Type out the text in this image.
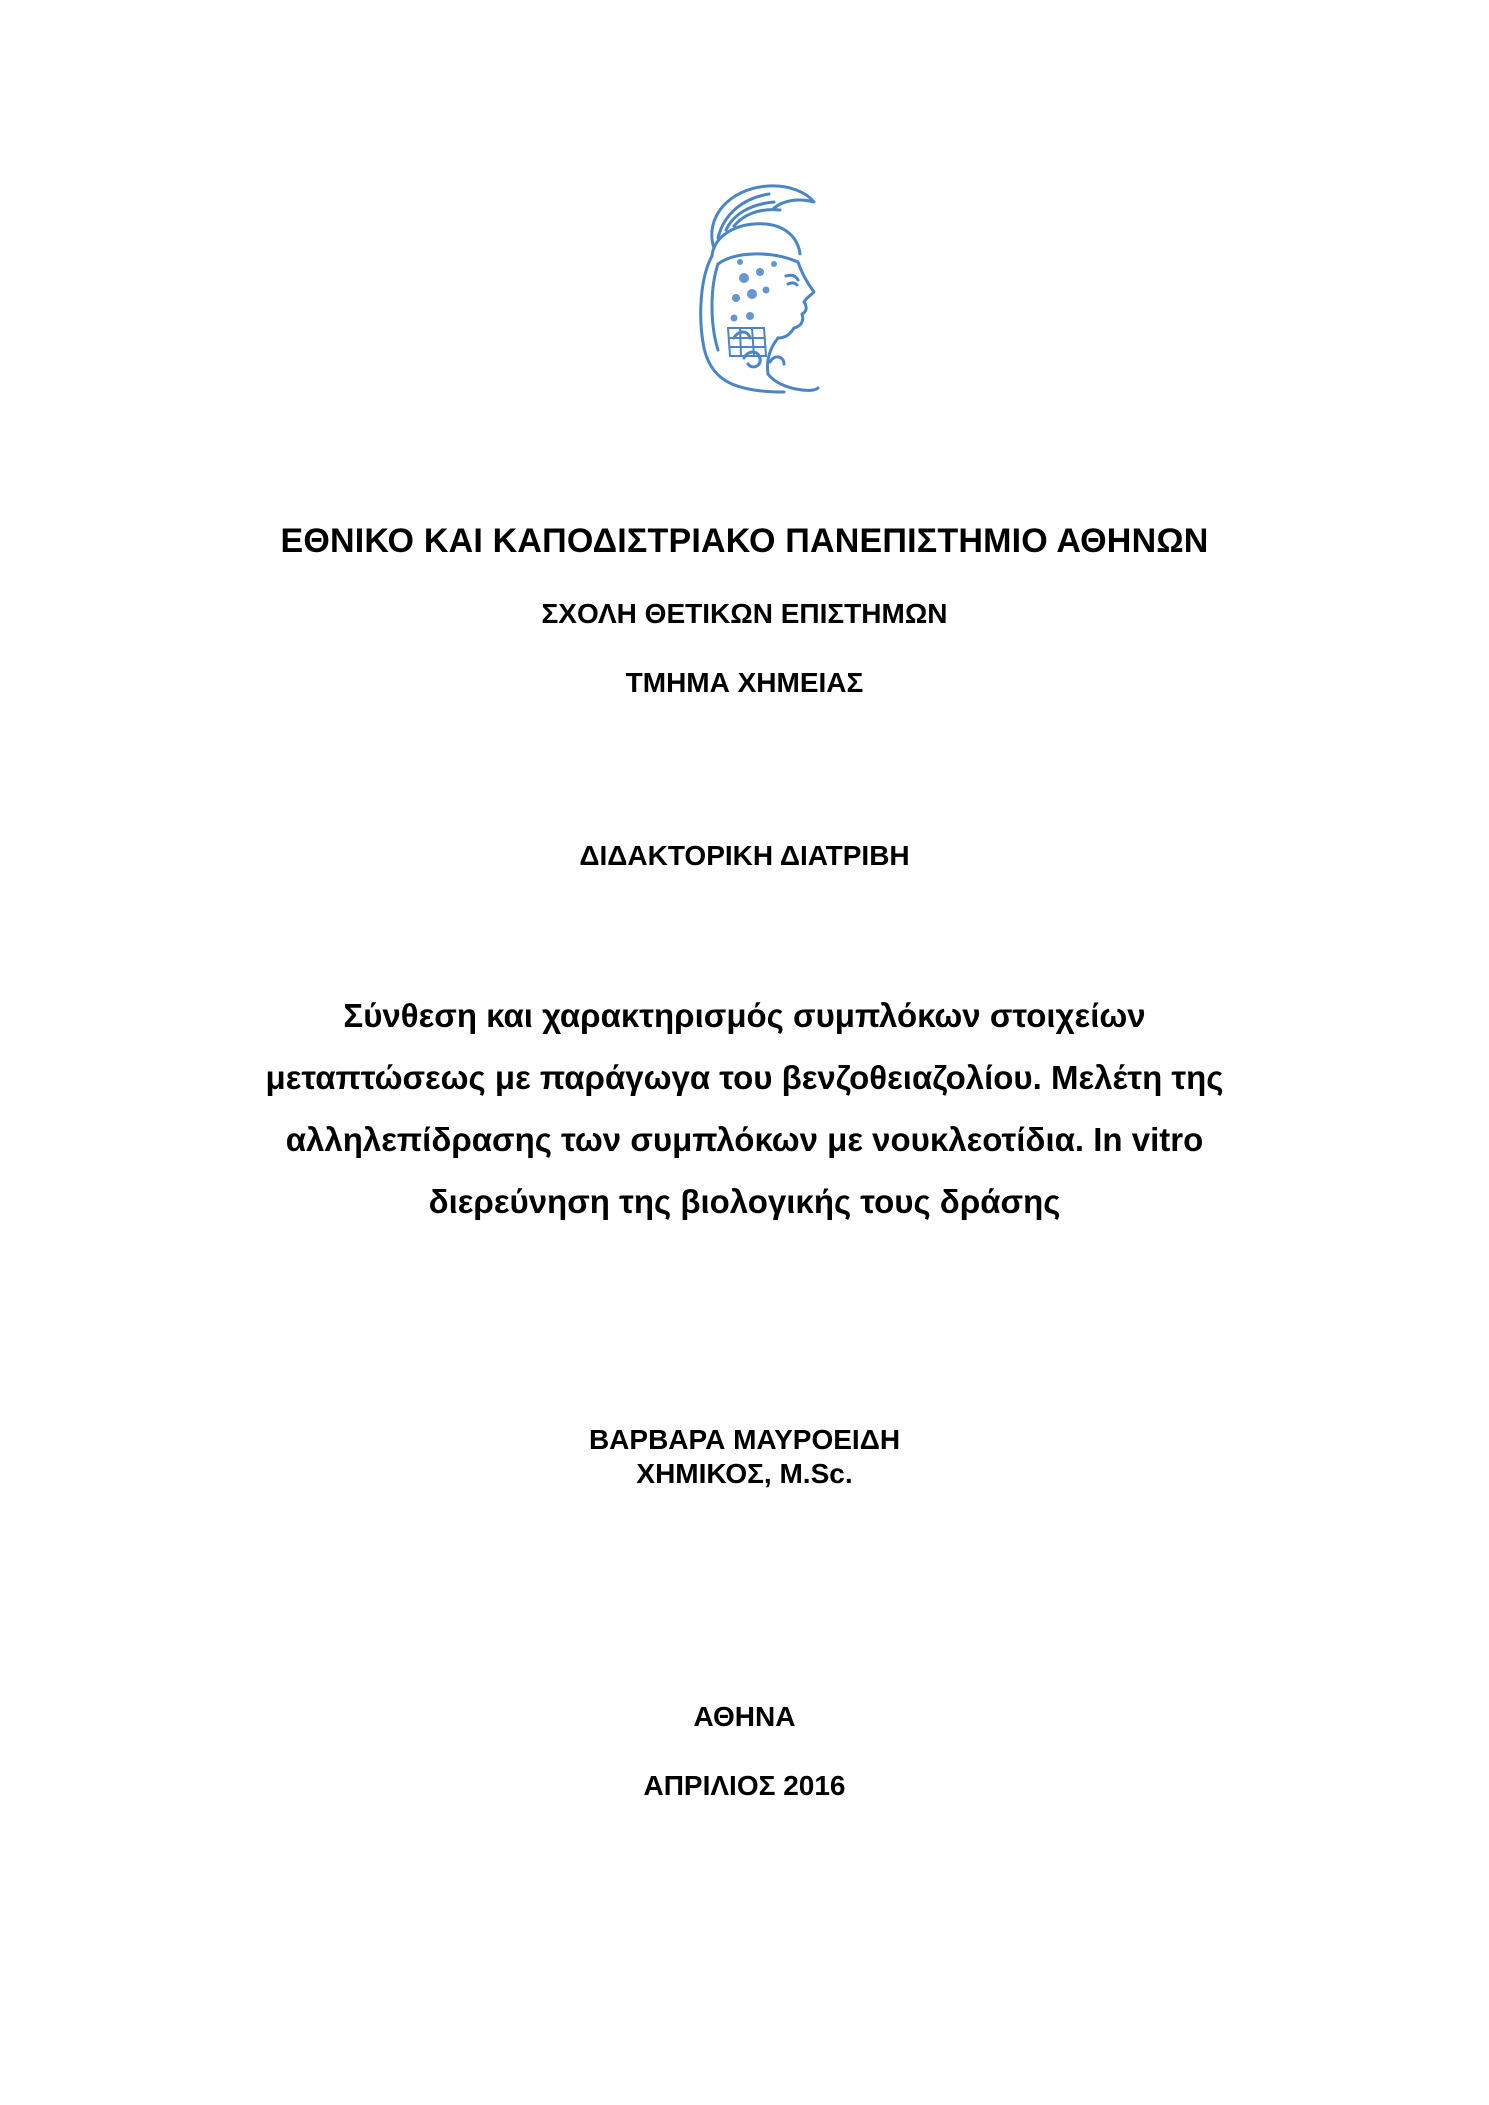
ΕΘΝΙΚΟ ΚΑΙ ΚΑΠΟΔΙΣΤΡΙΑΚΟ ΠΑΝΕΠΙΣΤΗΜΙΟ ΑΘΗΝΩΝ
ΣΧΟΛΗ ΘΕΤΙΚΩΝ ΕΠΙΣΤΗΜΩΝ
ΤΜΗΜΑ ΧΗΜΕΙΑΣ
ΔΙΔΑΚΤΟΡΙΚΗ ΔΙΑΤΡΙΒΗ
Σύνθεση και χαρακτηρισμός συμπλόκων στοιχείων
μεταπτώσεως με παράγωγα του βενζοθειαζολίου. Μελέτη της
αλληλεπίδρασης των συμπλόκων με νουκλεοτίδια. In vitro
διερεύνηση της βιολογικής τους δράσης
ΒΑΡΒΑΡΑ ΜΑΥΡΟΕΙΔΗ
ΧΗΜΙΚΟΣ, M.Sc.
ΑΘΗΝΑ
ΑΠΡΙΛΙΟΣ 2016
